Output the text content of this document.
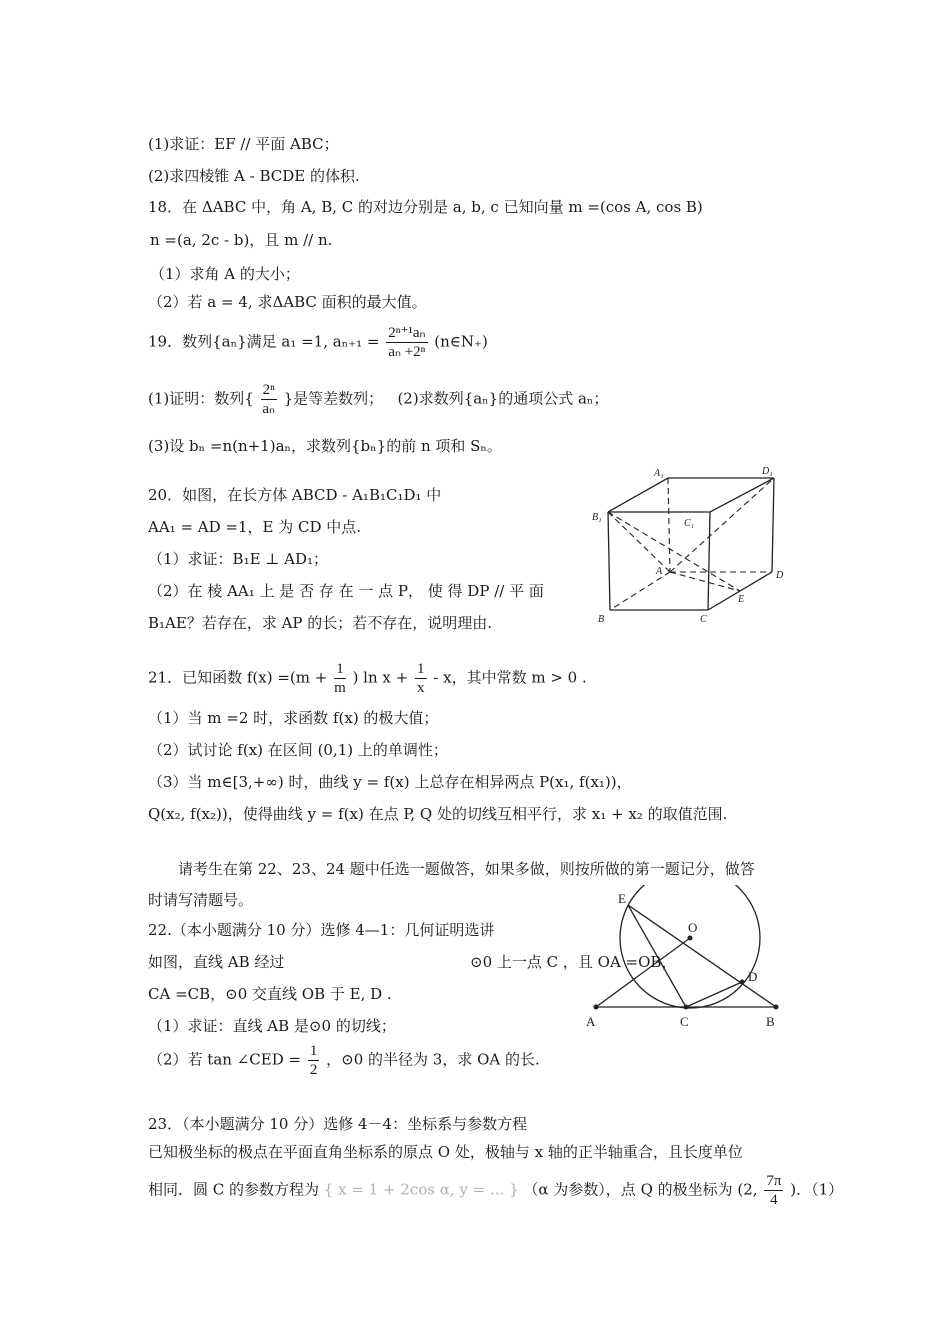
(1)求证：EF // 平面 ABC；
(2)求四棱锥 A - BCDE 的体积.
18．在 ΔABC 中，角 A, B, C 的对边分别是 a, b, c 已知向量 m =(cos A, cos B)
n =(a, 2c - b)，且 m // n.
（1）求角 A 的大小；
（2）若 a = 4, 求ΔABC 面积的最大值。
19．数列{aₙ}满足 a₁ =1, $a_{n+1} = \frac{\text{2ⁿ⁺¹aₙ}}{\text{aₙ +2ⁿ}}$ (n∈N₊)
(1)证明：数列{ $\frac{\text{2ⁿ}}{\text{aₙ}}$ }是等差数列；   (2)求数列{aₙ}的通项公式 aₙ；
(3)设 bₙ =n(n+1)aₙ，求数列{bₙ}的前 n 项和 Sₙ。
20．如图，在长方体 ABCD - A₁B₁C₁D₁ 中
AA₁ = AD =1，E 为 CD 中点.
（1）求证：B₁E ⊥ AD₁；
（2）在 棱 AA₁ 上 是 否 存 在 一 点 P， 使 得 DP // 平 面
B₁AE？若存在，求 AP 的长；若不存在，说明理由.
A₁	D₁
B₁
C₁
A	D
E
B	C
21．已知函数 $f(x) =(m + \frac{1}{m}$ ) $\ln x + \frac{1}{x} - x$，其中常数 m > 0 .
（1）当 m =2 时，求函数 f(x) 的极大值；
（2）试讨论 f(x) 在区间 (0,1) 上的单调性；
（3）当 m∈[3,+∞) 时，曲线 y = f(x) 上总存在相异两点 P(x₁, f(x₁))，
Q(x₂, f(x₂))，使得曲线 y = f(x) 在点 P, Q 处的切线互相平行，求 x₁ + x₂ 的取值范围.
请考生在第 22、23、24 题中任选一题做答，如果多做，则按所做的第一题记分，做答
时请写清题号。
22.（本小题满分 10 分）选修 4—1：几何证明选讲
如图，直线 AB 经过	⊙0 上一点 C ，且 OA =OB，
CA =CB，⊙0 交直线 OB 于 E, D .
（1）求证：直线 AB 是⊙0 的切线；
（2）若 tan ∠CED = $\frac{1}{2}$ ，⊙0 的半径为 3，求 OA 的长.
E
O
D
A	C	B
23．（本小题满分 10 分）选修 4－4：坐标系与参数方程
已知极坐标的极点在平面直角坐标系的原点 O 处，极轴与 x 轴的正半轴重合，且长度单位
相同．圆 C 的参数方程为 { x = 1 + 2cos α, y = ... } （α 为参数），点 Q 的极坐标为 (2, $\frac{7\pi}{4}$ )．（1）
